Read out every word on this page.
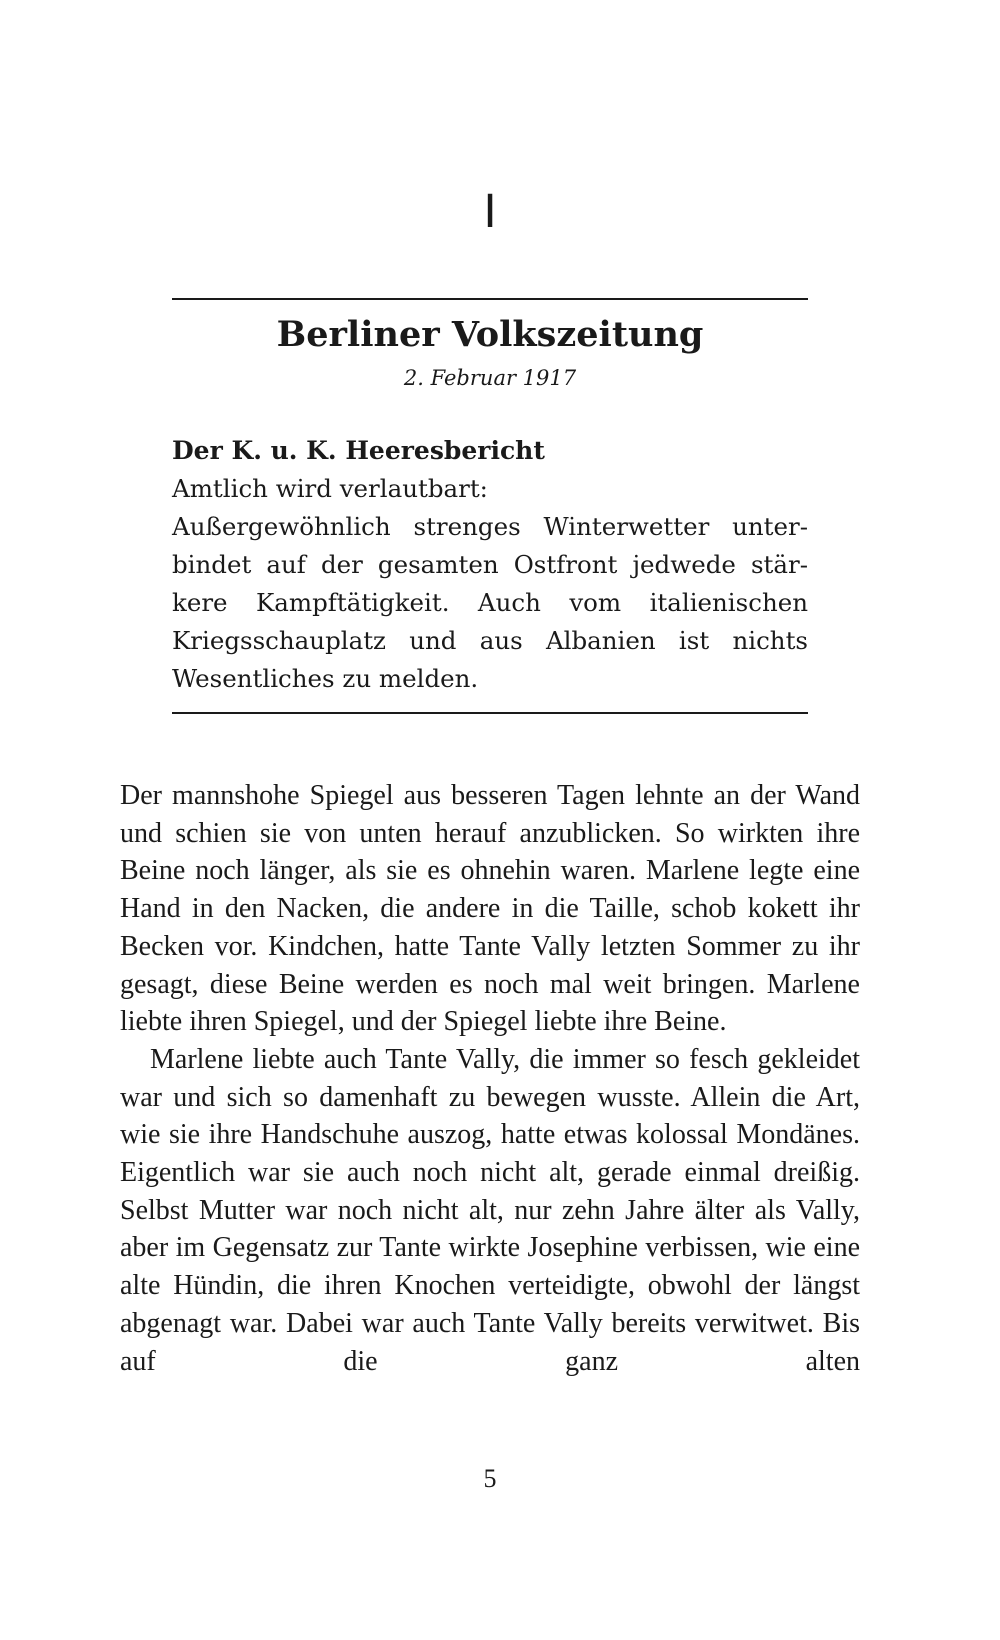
I
Berliner Volkszeitung
2. Februar 1917
Der K. u. K. Heeresbericht
Amtlich wird verlautbart:
Außergewöhnlich strenges Winterwetter unterbindet auf der gesamten Ostfront jedwede stärkere Kampftätigkeit. Auch vom italienischen Kriegsschauplatz und aus Albanien ist nichts Wesentliches zu melden.

Der mannshohe Spiegel aus besseren Tagen lehnte an der Wand und schien sie von unten herauf anzublicken. So wirkten ihre Beine noch länger, als sie es ohnehin waren. Marlene legte eine Hand in den Nacken, die andere in die Taille, schob kokett ihr Becken vor. Kindchen, hatte Tante Vally letzten Sommer zu ihr gesagt, diese Beine werden es noch mal weit bringen. Marlene liebte ihren Spiegel, und der Spiegel liebte ihre Beine.

Marlene liebte auch Tante Vally, die immer so fesch gekleidet war und sich so damenhaft zu bewegen wusste. Allein die Art, wie sie ihre Handschuhe auszog, hatte etwas kolossal Mondänes. Eigentlich war sie auch noch nicht alt, gerade einmal dreißig. Selbst Mutter war noch nicht alt, nur zehn Jahre älter als Vally, aber im Gegensatz zur Tante wirkte Josephine verbissen, wie eine alte Hündin, die ihren Knochen verteidigte, obwohl der längst abgenagt war. Dabei war auch Tante Vally bereits verwitwet. Bis auf die ganz alten

5
